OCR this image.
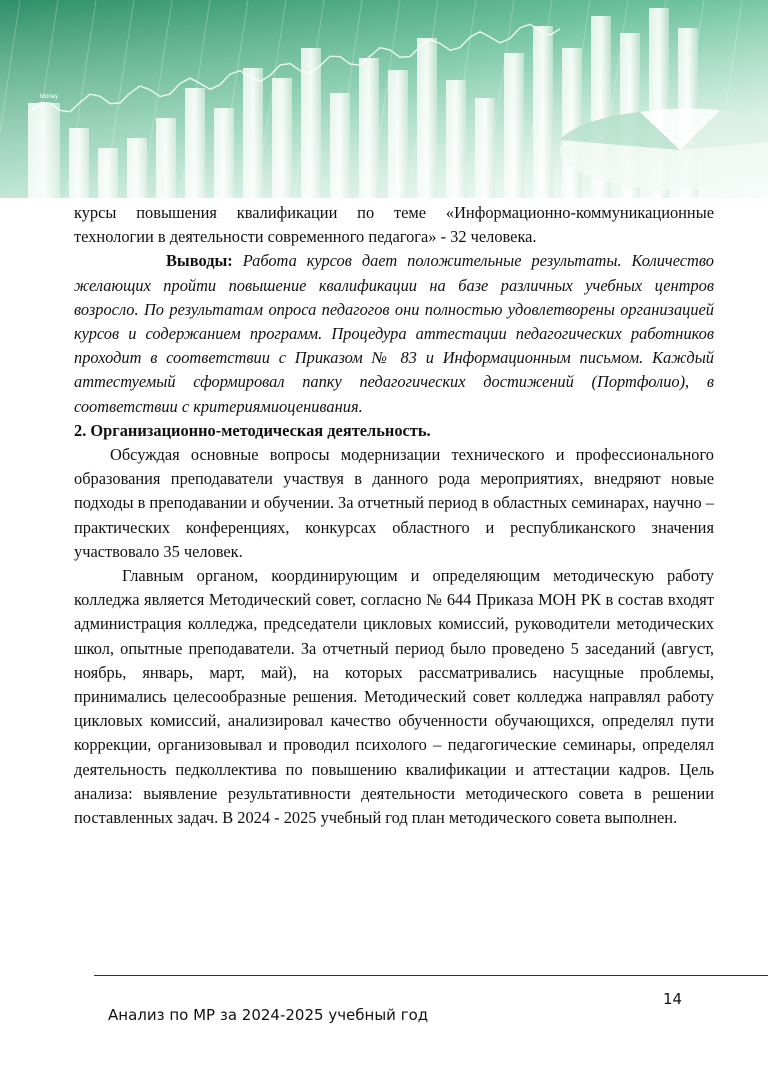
Money

курсы повышения квалификации по теме «Информационно-коммуникационные технологии в деятельности современного педагога» - 32 человека.

Выводы: Работа курсов дает положительные результаты. Количество желающих пройти повышение квалификации на базе различных учебных центров возросло. По результатам опроса педагогов они полностью удовлетворены организацией курсов и содержанием программ. Процедура аттестации педагогических работников проходит в соответствии с Приказом № 83 и Информационным письмом. Каждый аттестуемый сформировал папку педагогических достижений (Портфолио), в соответствии с критериямиоценивания.

2. Организационно-методическая деятельность.

Обсуждая основные вопросы модернизации технического и профессионального образования преподаватели участвуя в данного рода мероприятиях, внедряют новые подходы в преподавании и обучении. За отчетный период в областных семинарах, научно – практических конференциях, конкурсах областного и республиканского значения участвовало 35 человек.

Главным органом, координирующим и определяющим методическую работу колледжа является Методический совет, согласно № 644 Приказа МОН РК в состав входят администрация колледжа, председатели цикловых комиссий, руководители методических школ, опытные преподаватели. За отчетный период было проведено 5 заседаний (август, ноябрь, январь, март, май), на которых рассматривались насущные проблемы, принимались целесообразные решения. Методический совет колледжа направлял работу цикловых комиссий, анализировал качество обученности обучающихся, определял пути коррекции, организовывал и проводил психолого – педагогические семинары, определял деятельность педколлектива по повышению квалификации и аттестации кадров. Цель анализа: выявление результативности деятельности методического совета в решении поставленных задач. В 2024 - 2025 учебный год план методического совета выполнен.

14
Анализ по МР за 2024-2025 учебный год
